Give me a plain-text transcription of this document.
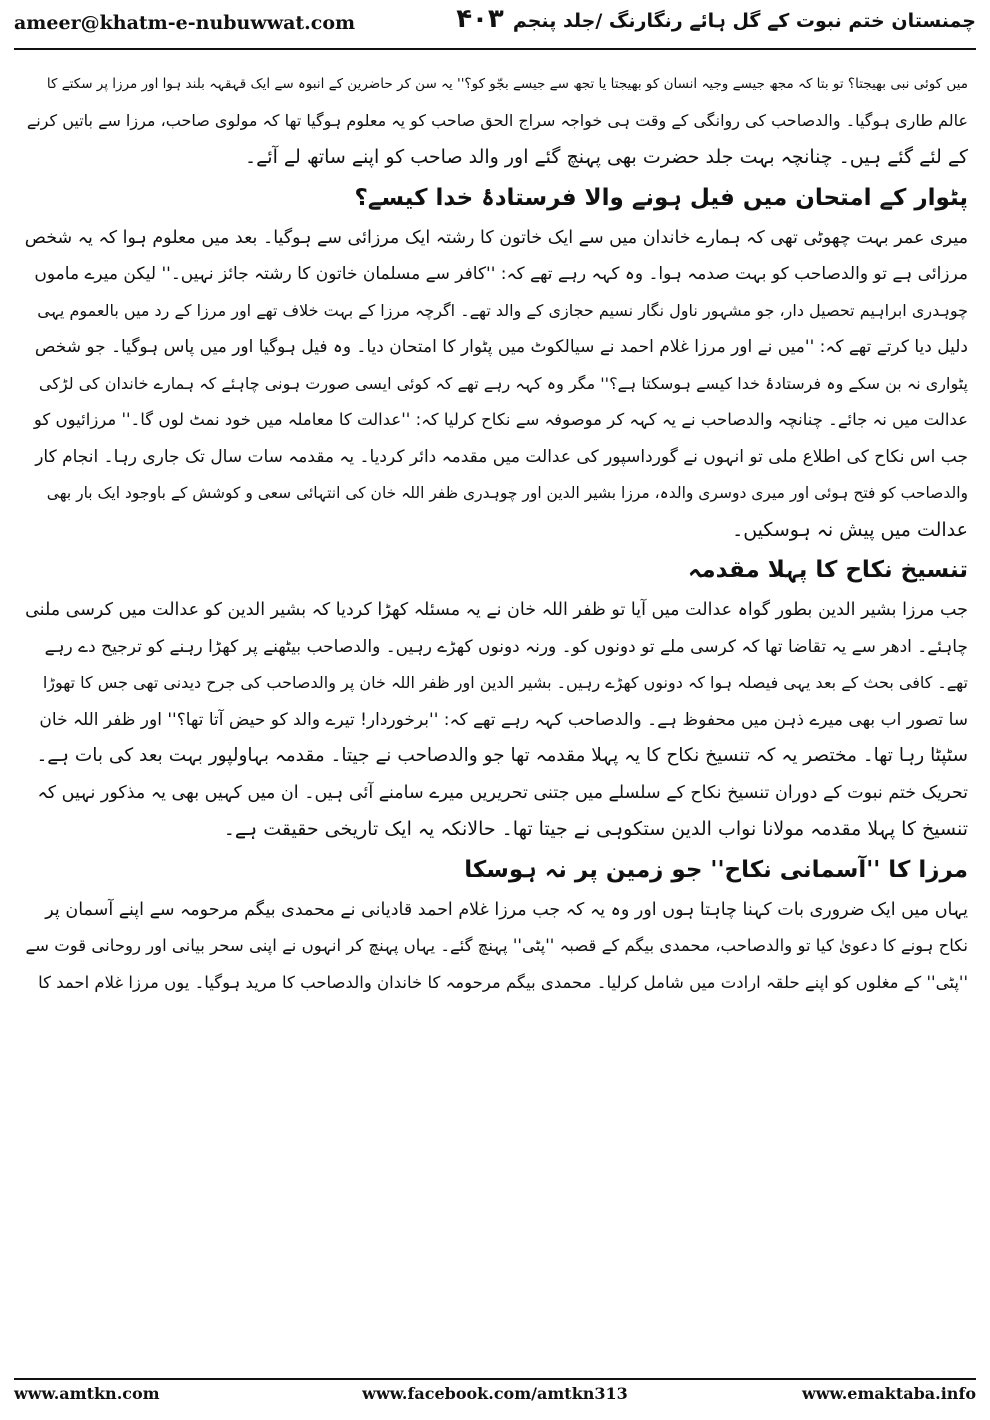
ameer@khatm-e-nubuwwat.com	۴۰۳ چمنستان ختم نبوت کے گل ہائے رنگارنگ /جلد پنجم
میں کوئی نبی بھیجتا؟ تو بتا کہ مجھ جیسے وجیہ انسان کو بھیجتا یا تجھ سے جیسے بجّو کو؟'' یہ سن کر حاضرین کے انبوہ سے ایک قہقہہ بلند ہوا اور مرزا پر سکتے کا
عالم طاری ہوگیا۔ والدصاحب کی روانگی کے وقت ہی خواجہ سراج الحق صاحب کو یہ معلوم ہوگیا تھا کہ مولوی صاحب، مرزا سے باتیں کرنے
کے لئے گئے ہیں۔ چنانچہ بہت جلد حضرت بھی پہنچ گئے اور والد صاحب کو اپنے ساتھ لے آئے۔
پٹوار کے امتحان میں فیل ہونے والا فرستادۂ خدا کیسے؟
میری عمر بہت چھوٹی تھی کہ ہمارے خاندان میں سے ایک خاتون کا رشتہ ایک مرزائی سے ہوگیا۔ بعد میں معلوم ہوا کہ یہ شخص
مرزائی ہے تو والدصاحب کو بہت صدمہ ہوا۔ وہ کہہ رہے تھے کہ: ''کافر سے مسلمان خاتون کا رشتہ جائز نہیں۔'' لیکن میرے ماموں
چوہدری ابراہیم تحصیل دار، جو مشہور ناول نگار نسیم حجازی کے والد تھے۔ اگرچہ مرزا کے بہت خلاف تھے اور مرزا کے رد میں بالعموم یہی
دلیل دیا کرتے تھے کہ: ''میں نے اور مرزا غلام احمد نے سیالکوٹ میں پٹوار کا امتحان دیا۔ وہ فیل ہوگیا اور میں پاس ہوگیا۔ جو شخص
پٹواری نہ بن سکے وہ فرستادۂ خدا کیسے ہوسکتا ہے؟'' مگر وہ کہہ رہے تھے کہ کوئی ایسی صورت ہونی چاہئے کہ ہمارے خاندان کی لڑکی
عدالت میں نہ جائے۔ چنانچہ والدصاحب نے یہ کہہ کر موصوفہ سے نکاح کرلیا کہ: ''عدالت کا معاملہ میں خود نمٹ لوں گا۔'' مرزائیوں کو
جب اس نکاح کی اطلاع ملی تو انہوں نے گورداسپور کی عدالت میں مقدمہ دائر کردیا۔ یہ مقدمہ سات سال تک جاری رہا۔ انجام کار
والدصاحب کو فتح ہوئی اور میری دوسری والدہ، مرزا بشیر الدین اور چوہدری ظفر اللہ خان کی انتہائی سعی و کوشش کے باوجود ایک بار بھی
عدالت میں پیش نہ ہوسکیں۔
تنسیخ نکاح کا پہلا مقدمہ
جب مرزا بشیر الدین بطور گواہ عدالت میں آیا تو ظفر اللہ خان نے یہ مسئلہ کھڑا کردیا کہ بشیر الدین کو عدالت میں کرسی ملنی
چاہئے۔ ادھر سے یہ تقاضا تھا کہ کرسی ملے تو دونوں کو۔ ورنہ دونوں کھڑے رہیں۔ والدصاحب بیٹھنے پر کھڑا رہنے کو ترجیح دے رہے
تھے۔ کافی بحث کے بعد یہی فیصلہ ہوا کہ دونوں کھڑے رہیں۔ بشیر الدین اور ظفر اللہ خان پر والدصاحب کی جرح دیدنی تھی جس کا تھوڑا
سا تصور اب بھی میرے ذہن میں محفوظ ہے۔ والدصاحب کہہ رہے تھے کہ: ''برخوردار! تیرے والد کو حیض آتا تھا؟'' اور ظفر اللہ خان
سٹپٹا رہا تھا۔ مختصر یہ کہ تنسیخ نکاح کا یہ پہلا مقدمہ تھا جو والدصاحب نے جیتا۔ مقدمہ بہاولپور بہت بعد کی بات ہے۔
تحریک ختم نبوت کے دوران تنسیخ نکاح کے سلسلے میں جتنی تحریریں میرے سامنے آئی ہیں۔ ان میں کہیں بھی یہ مذکور نہیں کہ
تنسیخ کا پہلا مقدمہ مولانا نواب الدین ستکوہی نے جیتا تھا۔ حالانکہ یہ ایک تاریخی حقیقت ہے۔
مرزا کا ''آسمانی نکاح'' جو زمین پر نہ ہوسکا
یہاں میں ایک ضروری بات کہنا چاہتا ہوں اور وہ یہ کہ جب مرزا غلام احمد قادیانی نے محمدی بیگم مرحومہ سے اپنے آسمان پر
نکاح ہونے کا دعویٰ کیا تو والدصاحب، محمدی بیگم کے قصبہ ''پٹی'' پہنچ گئے۔ یہاں پہنچ کر انہوں نے اپنی سحر بیانی اور روحانی قوت سے
''پٹی'' کے مغلوں کو اپنے حلقہ ارادت میں شامل کرلیا۔ محمدی بیگم مرحومہ کا خاندان والدصاحب کا مرید ہوگیا۔ یوں مرزا غلام احمد کا
www.amtkn.com	www.facebook.com/amtkn313	www.emaktaba.info
